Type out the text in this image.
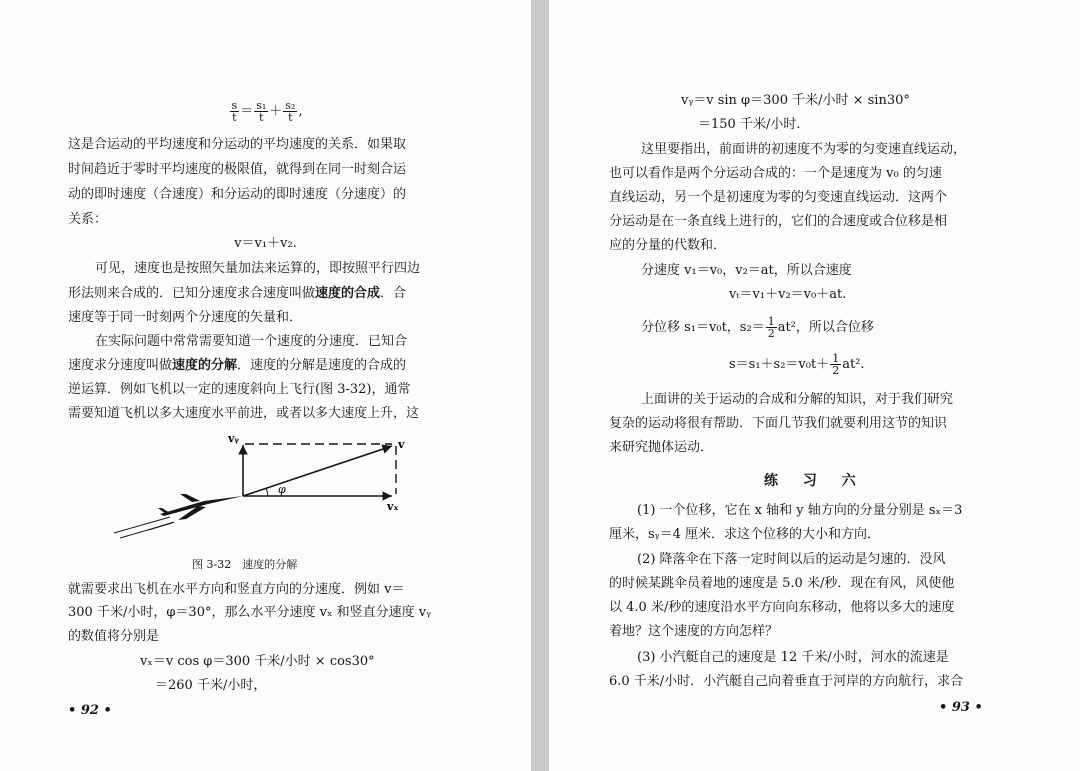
$\frac{s}{t} = \frac{\text{s₁}}{t} + \frac{\text{s₂}}{t}$ ,
这是合运动的平均速度和分运动的平均速度的关系．如果取
时间趋近于零时平均速度的极限值，就得到在同一时刻合运
动的即时速度（合速度）和分运动的即时速度（分速度）的
关系：
v＝v₁＋v₂.
可见，速度也是按照矢量加法来运算的，即按照平行四边
形法则来合成的．已知分速度求合速度叫做速度的合成．合
速度等于同一时刻两个分速度的矢量和．
在实际问题中常常需要知道一个速度的分速度．已知合
速度求分速度叫做速度的分解．速度的分解是速度的合成的
逆运算．例如飞机以一定的速度斜向上飞行(图 3-32)，通常
需要知道飞机以多大速度水平前进，或者以多大速度上升，这
vᵧ	v
vₓ
φ
图 3-32　速度的分解
就需要求出飞机在水平方向和竖直方向的分速度．例如 v＝
300 千米/小时，φ＝30°，那么水平分速度 vₓ 和竖直分速度 vᵧ
的数值将分别是
vₓ＝v cos φ＝300 千米/小时 × cos30°
＝260 千米/小时，
• 92 •
vᵧ＝v sin φ＝300 千米/小时 × sin30°
＝150 千米/小时．
这里要指出，前面讲的初速度不为零的匀变速直线运动，
也可以看作是两个分运动合成的：一个是速度为 v₀ 的匀速
直线运动，另一个是初速度为零的匀变速直线运动．这两个
分运动是在一条直线上进行的，它们的合速度或合位移是相
应的分量的代数和．
分速度 v₁＝v₀，v₂＝at，所以合速度
vₜ＝v₁＋v₂＝v₀＋at.
分位移 s₁＝v₀t，$s_2= \frac{1}{2} at^2$，所以合位移
$s=s_1+s_2=v_0t+ \frac{1}{2} at^2$.
上面讲的关于运动的合成和分解的知识，对于我们研究
复杂的运动将很有帮助．下面几节我们就要利用这节的知识
来研究抛体运动．
练 习 六
(1) 一个位移，它在 x 轴和 y 轴方向的分量分别是 sₓ＝3
厘米，sᵧ＝4 厘米．求这个位移的大小和方向．
(2) 降落伞在下落一定时间以后的运动是匀速的．没风
的时候某跳伞员着地的速度是 5.0 米/秒．现在有风，风使他
以 4.0 米/秒的速度沿水平方向向东移动，他将以多大的速度
着地？这个速度的方向怎样？
(3) 小汽艇自己的速度是 12 千米/小时，河水的流速是
6.0 千米/小时．小汽艇自己向着垂直于河岸的方向航行，求合
• 93 •
